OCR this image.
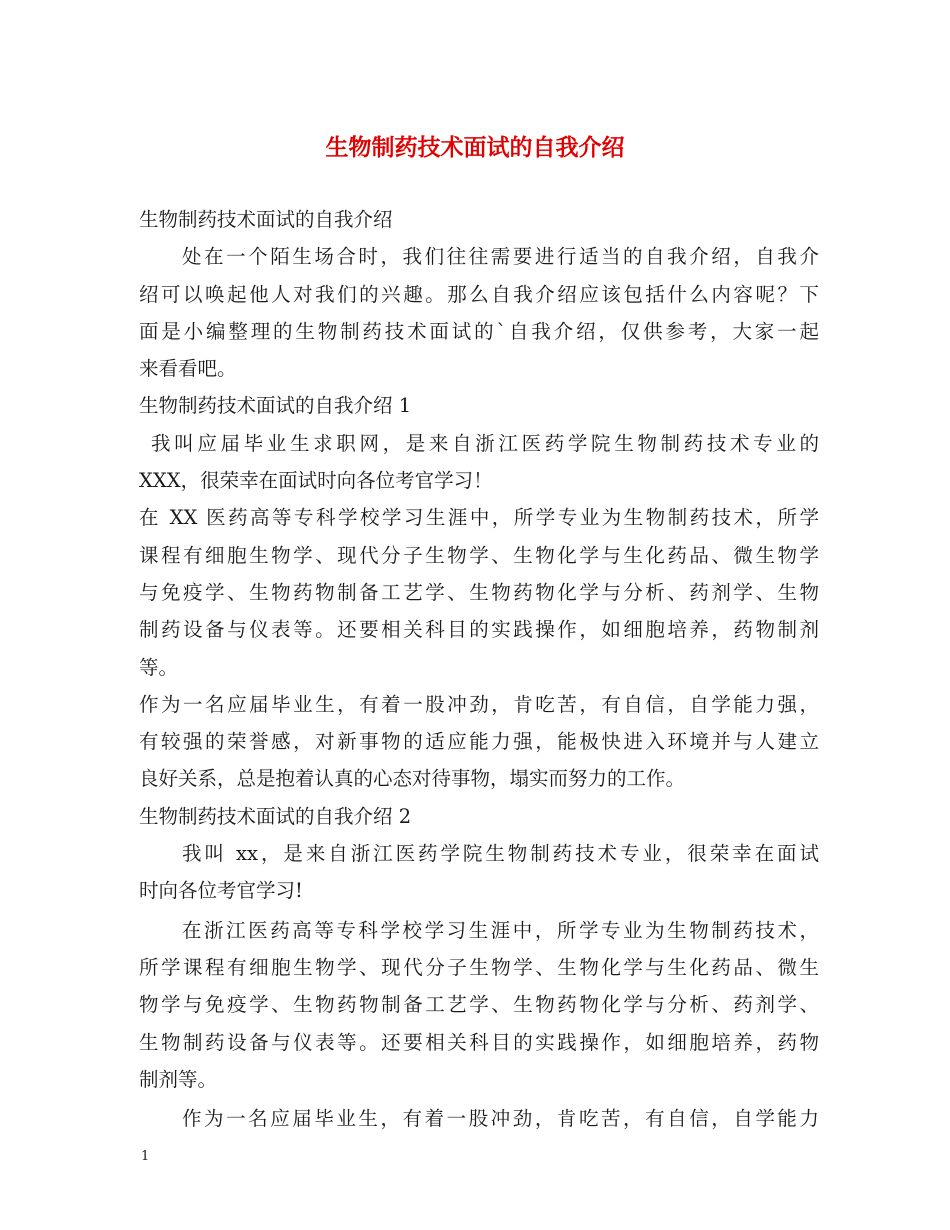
生物制药技术面试的自我介绍
生物制药技术面试的自我介绍
处在一个陌生场合时，我们往往需要进行适当的自我介绍，自我介
绍可以唤起他人对我们的兴趣。那么自我介绍应该包括什么内容呢？下
面是小编整理的生物制药技术面试的`自我介绍，仅供参考，大家一起
来看看吧。
生物制药技术面试的自我介绍 1
我叫应届毕业生求职网，是来自浙江医药学院生物制药技术专业的
XXX，很荣幸在面试时向各位考官学习！
在 XX 医药高等专科学校学习生涯中，所学专业为生物制药技术，所学
课程有细胞生物学、现代分子生物学、生物化学与生化药品、微生物学
与免疫学、生物药物制备工艺学、生物药物化学与分析、药剂学、生物
制药设备与仪表等。还要相关科目的实践操作，如细胞培养，药物制剂
等。
作为一名应届毕业生，有着一股冲劲，肯吃苦，有自信，自学能力强，
有较强的荣誉感，对新事物的适应能力强，能极快进入环境并与人建立
良好关系，总是抱着认真的心态对待事物，塌实而努力的工作。
生物制药技术面试的自我介绍 2
我叫 xx，是来自浙江医药学院生物制药技术专业，很荣幸在面试
时向各位考官学习!
在浙江医药高等专科学校学习生涯中，所学专业为生物制药技术，
所学课程有细胞生物学、现代分子生物学、生物化学与生化药品、微生
物学与免疫学、生物药物制备工艺学、生物药物化学与分析、药剂学、
生物制药设备与仪表等。还要相关科目的实践操作，如细胞培养，药物
制剂等。
作为一名应届毕业生，有着一股冲劲，肯吃苦，有自信，自学能力
1
